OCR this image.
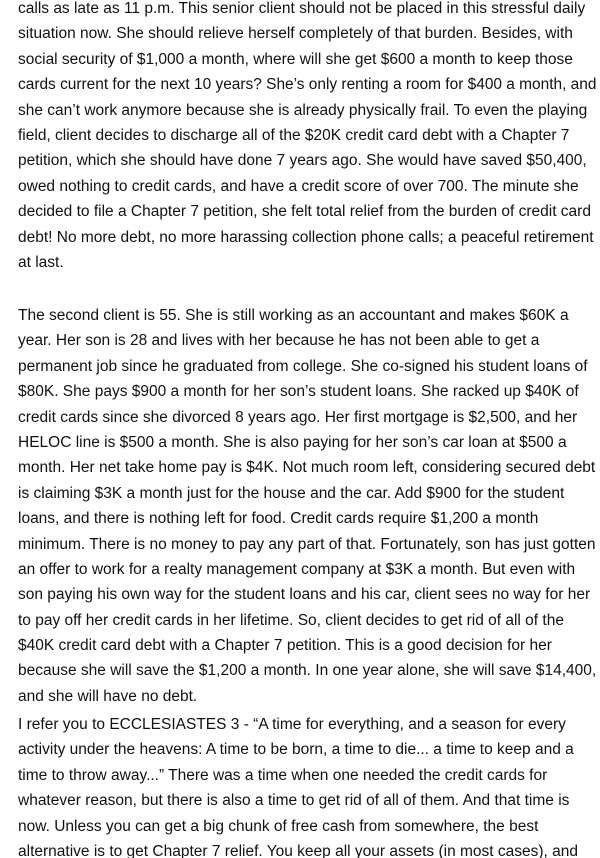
calls as late as 11 p.m. This senior client should not be placed in this stressful daily
situation now. She should relieve herself completely of that burden. Besides, with
social security of $1,000 a month, where will she get $600 a month to keep those
cards current for the next 10 years? She’s only renting a room for $400 a month, and
she can’t work anymore because she is already physically frail. To even the playing
field, client decides to discharge all of the $20K credit card debt with a Chapter 7
petition, which she should have done 7 years ago. She would have saved $50,400,
owed nothing to credit cards, and have a credit score of over 700. The minute she
decided to file a Chapter 7 petition, she felt total relief from the burden of credit card
debt! No more debt, no more harassing collection phone calls; a peaceful retirement
at last.

The second client is 55. She is still working as an accountant and makes $60K a
year. Her son is 28 and lives with her because he has not been able to get a
permanent job since he graduated from college. She co-signed his student loans of
$80K. She pays $900 a month for her son’s student loans. She racked up $40K of
credit cards since she divorced 8 years ago. Her first mortgage is $2,500, and her
HELOC line is $500 a month. She is also paying for her son’s car loan at $500 a
month. Her net take home pay is $4K. Not much room left, considering secured debt
is claiming $3K a month just for the house and the car. Add $900 for the student
loans, and there is nothing left for food. Credit cards require $1,200 a month
minimum. There is no money to pay any part of that. Fortunately, son has just gotten
an offer to work for a realty management company at $3K a month. But even with
son paying his own way for the student loans and his car, client sees no way for her
to pay off her credit cards in her lifetime. So, client decides to get rid of all of the
$40K credit card debt with a Chapter 7 petition. This is a good decision for her
because she will save the $1,200 a month. In one year alone, she will save $14,400,
and she will have no debt.

I refer you to ECCLESIASTES 3 - “A time for everything, and a season for every
activity under the heavens: A time to be born, a time to die... a time to keep and a
time to throw away...” There was a time when one needed the credit cards for
whatever reason, but there is also a time to get rid of all of them. And that time is
now. Unless you can get a big chunk of free cash from somewhere, the best
alternative is to get Chapter 7 relief. You keep all your assets (in most cases), and
